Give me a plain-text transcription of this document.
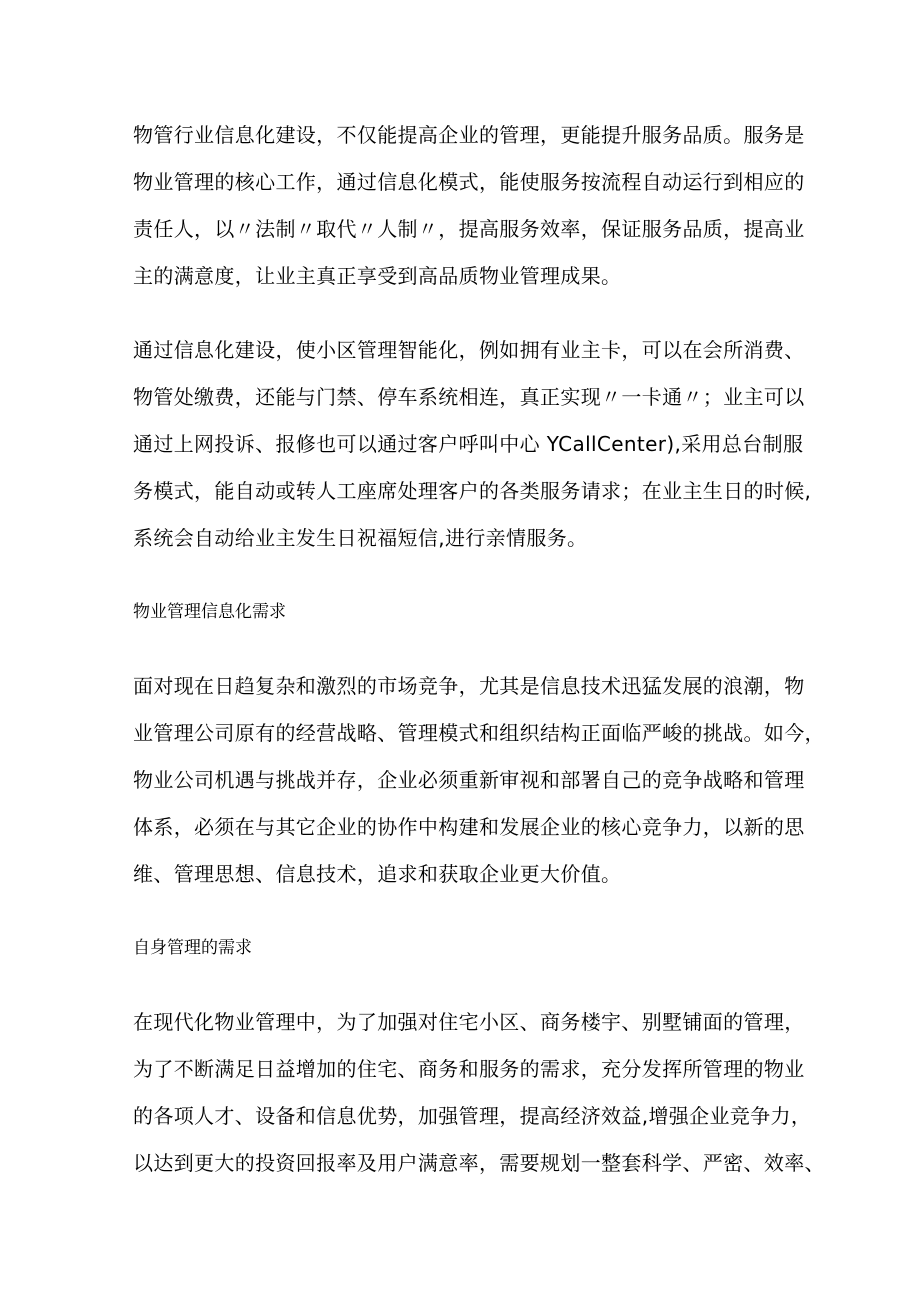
物管行业信息化建设，不仅能提高企业的管理，更能提升服务品质。服务是
物业管理的核心工作，通过信息化模式，能使服务按流程自动运行到相应的
责任人，以〃法制〃取代〃人制〃，提高服务效率，保证服务品质，提高业
主的满意度，让业主真正享受到高品质物业管理成果。
通过信息化建设，使小区管理智能化，例如拥有业主卡，可以在会所消费、
物管处缴费，还能与门禁、停车系统相连，真正实现〃一卡通〃；业主可以
通过上网投诉、报修也可以通过客户呼叫中心 YCallCenter),采用总台制服
务模式，能自动或转人工座席处理客户的各类服务请求；在业主生日的时候,
系统会自动给业主发生日祝福短信,进行亲情服务。
物业管理信息化需求
面对现在日趋复杂和激烈的市场竞争，尤其是信息技术迅猛发展的浪潮，物
业管理公司原有的经营战略、管理模式和组织结构正面临严峻的挑战。如今，
物业公司机遇与挑战并存，企业必须重新审视和部署自己的竞争战略和管理
体系，必须在与其它企业的协作中构建和发展企业的核心竞争力，以新的思
维、管理思想、信息技术，追求和获取企业更大价值。
自身管理的需求
在现代化物业管理中，为了加强对住宅小区、商务楼宇、别墅铺面的管理，
为了不断满足日益增加的住宅、商务和服务的需求，充分发挥所管理的物业
的各项人才、设备和信息优势，加强管理，提高经济效益,增强企业竞争力，
以达到更大的投资回报率及用户满意率，需要规划一整套科学、严密、效率、
